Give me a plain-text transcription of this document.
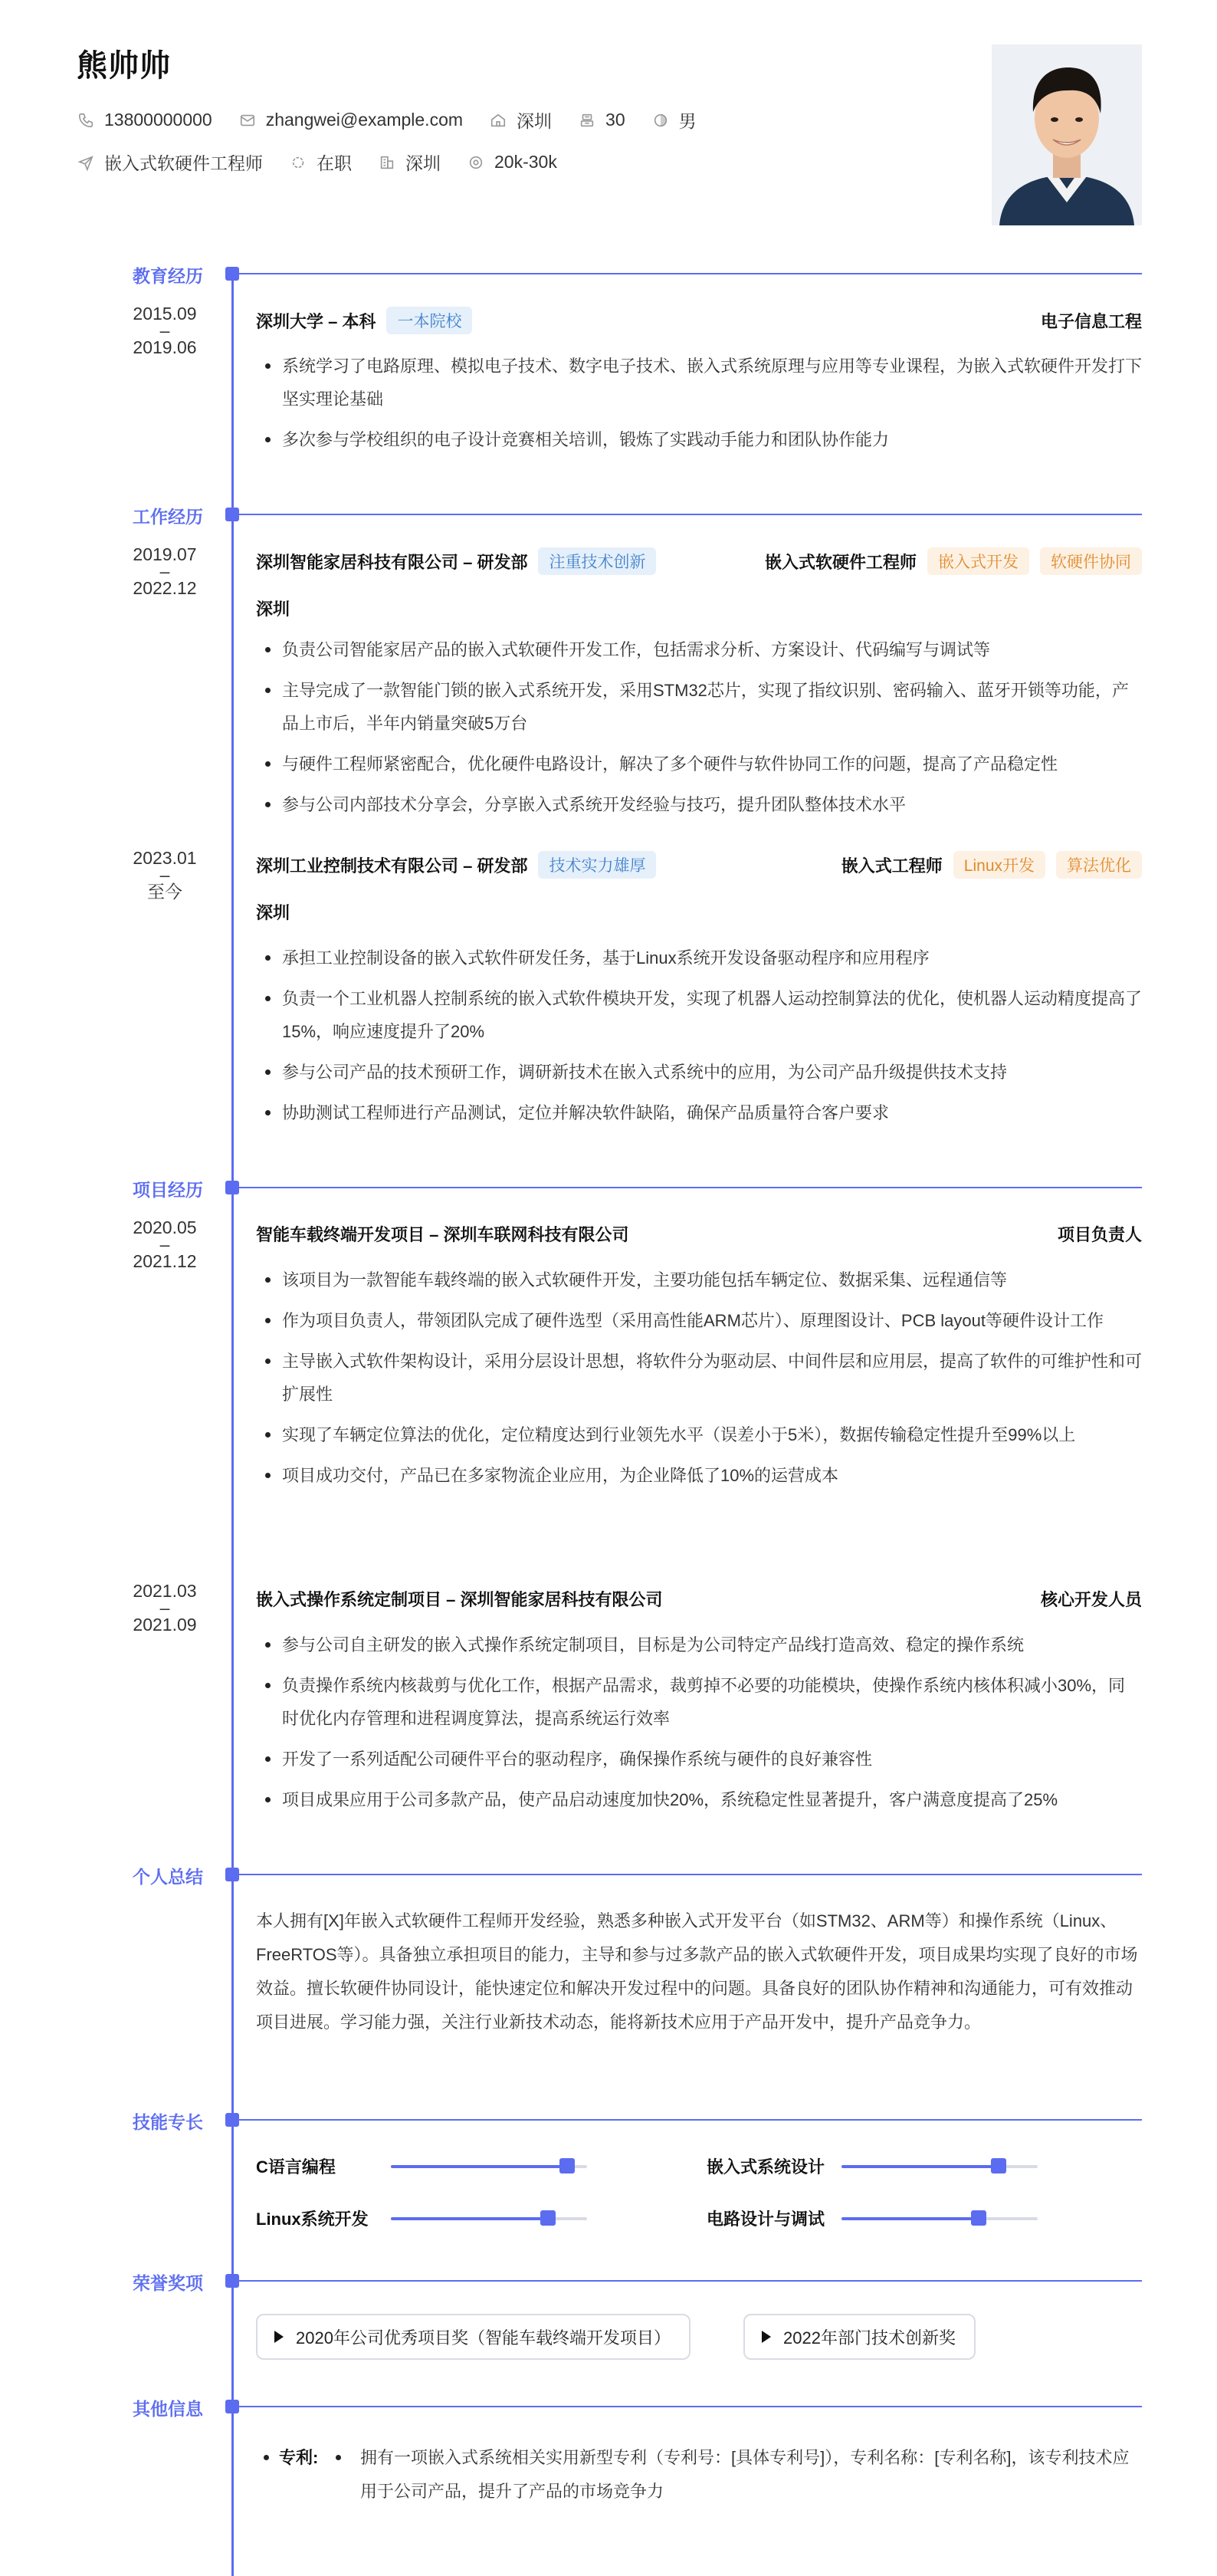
熊帅帅
13800000000	zhangwei@example.com	深圳	30	男
嵌入式软硬件工程师	在职	深圳	20k-30k
教育经历
2015.09
–
2019.06
深圳大学 – 本科	一本院校	电子信息工程
系统学习了电路原理、模拟电子技术、数字电子技术、嵌入式系统原理与应用等专业课程，为嵌入式软硬件开发打下坚实理论基础
多次参与学校组织的电子设计竞赛相关培训，锻炼了实践动手能力和团队协作能力
工作经历
2019.07
–
2022.12
深圳智能家居科技有限公司 – 研发部	注重技术创新	嵌入式软硬件工程师	嵌入式开发	软硬件协同
深圳
负责公司智能家居产品的嵌入式软硬件开发工作，包括需求分析、方案设计、代码编写与调试等
主导完成了一款智能门锁的嵌入式系统开发，采用STM32芯片，实现了指纹识别、密码输入、蓝牙开锁等功能，产品上市后，半年内销量突破5万台
与硬件工程师紧密配合，优化硬件电路设计，解决了多个硬件与软件协同工作的问题，提高了产品稳定性
参与公司内部技术分享会，分享嵌入式系统开发经验与技巧，提升团队整体技术水平
2023.01
–
至今
深圳工业控制技术有限公司 – 研发部	技术实力雄厚	嵌入式工程师	Linux开发	算法优化
深圳
承担工业控制设备的嵌入式软件研发任务，基于Linux系统开发设备驱动程序和应用程序
负责一个工业机器人控制系统的嵌入式软件模块开发，实现了机器人运动控制算法的优化，使机器人运动精度提高了15%，响应速度提升了20%
参与公司产品的技术预研工作，调研新技术在嵌入式系统中的应用，为公司产品升级提供技术支持
协助测试工程师进行产品测试，定位并解决软件缺陷，确保产品质量符合客户要求
项目经历
2020.05
–
2021.12
智能车载终端开发项目 – 深圳车联网科技有限公司	项目负责人
该项目为一款智能车载终端的嵌入式软硬件开发，主要功能包括车辆定位、数据采集、远程通信等
作为项目负责人，带领团队完成了硬件选型（采用高性能ARM芯片）、原理图设计、PCB layout等硬件设计工作
主导嵌入式软件架构设计，采用分层设计思想，将软件分为驱动层、中间件层和应用层，提高了软件的可维护性和可扩展性
实现了车辆定位算法的优化，定位精度达到行业领先水平（误差小于5米），数据传输稳定性提升至99%以上
项目成功交付，产品已在多家物流企业应用，为企业降低了10%的运营成本
2021.03
–
2021.09
嵌入式操作系统定制项目 – 深圳智能家居科技有限公司	核心开发人员
参与公司自主研发的嵌入式操作系统定制项目，目标是为公司特定产品线打造高效、稳定的操作系统
负责操作系统内核裁剪与优化工作，根据产品需求，裁剪掉不必要的功能模块，使操作系统内核体积减小30%，同时优化内存管理和进程调度算法，提高系统运行效率
开发了一系列适配公司硬件平台的驱动程序，确保操作系统与硬件的良好兼容性
项目成果应用于公司多款产品，使产品启动速度加快20%，系统稳定性显著提升，客户满意度提高了25%
个人总结
本人拥有[X]年嵌入式软硬件工程师开发经验，熟悉多种嵌入式开发平台（如STM32、ARM等）和操作系统（Linux、FreeRTOS等）。具备独立承担项目的能力，主导和参与过多款产品的嵌入式软硬件开发，项目成果均实现了良好的市场效益。擅长软硬件协同设计，能快速定位和解决开发过程中的问题。具备良好的团队协作精神和沟通能力，可有效推动项目进展。学习能力强，关注行业新技术动态，能将新技术应用于产品开发中，提升产品竞争力。
技能专长
C语言编程	嵌入式系统设计
Linux系统开发	电路设计与调试
荣誉奖项
2020年公司优秀项目奖（智能车载终端开发项目）	2022年部门技术创新奖
其他信息
专利: 拥有一项嵌入式系统相关实用新型专利（专利号：[具体专利号]），专利名称：[专利名称]，该专利技术应用于公司产品，提升了产品的市场竞争力
